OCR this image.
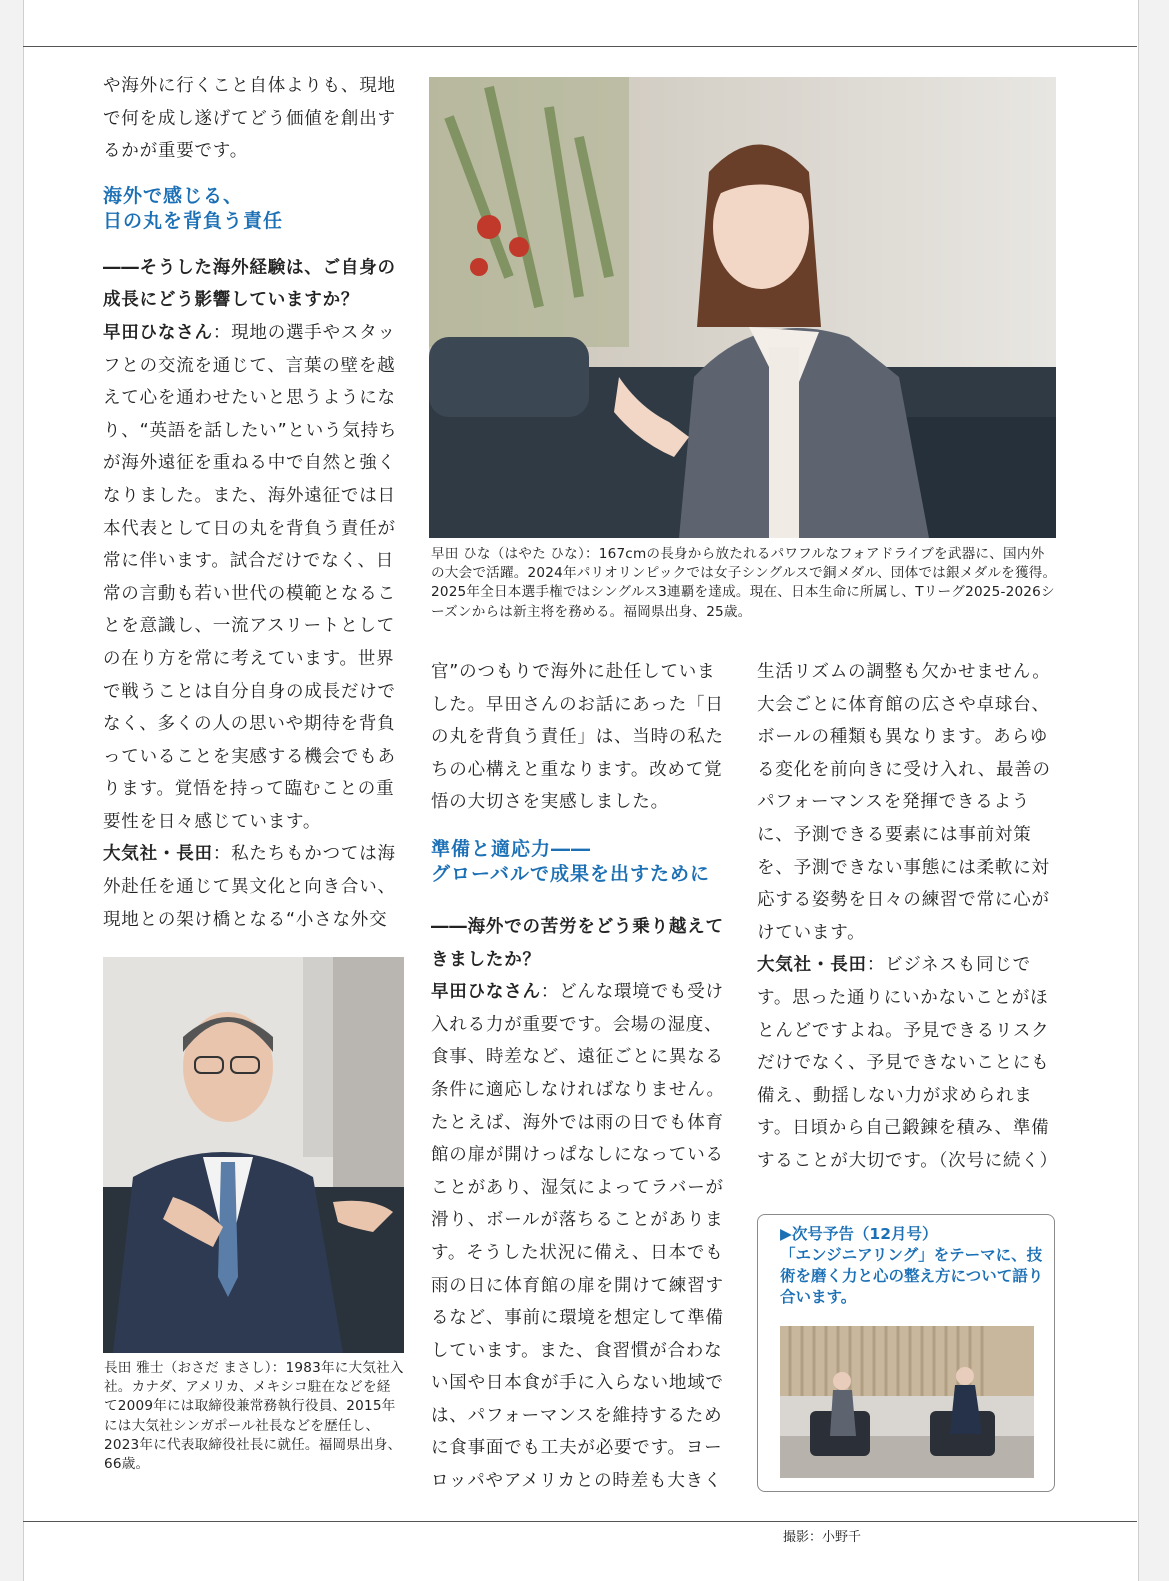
や海外に行くこと自体よりも、現地で何を成し遂げてどう価値を創出するかが重要です。

海外で感じる、
日の丸を背負う責任

――そうした海外経験は、ご自身の成長にどう影響していますか？

早田ひなさん：現地の選手やスタッフとの交流を通じて、言葉の壁を越えて心を通わせたいと思うようになり、“英語を話したい”という気持ちが海外遠征を重ねる中で自然と強くなりました。また、海外遠征では日本代表として日の丸を背負う責任が常に伴います。試合だけでなく、日常の言動も若い世代の模範となることを意識し、一流アスリートとしての在り方を常に考えています。世界で戦うことは自分自身の成長だけでなく、多くの人の思いや期待を背負っていることを実感する機会でもあります。覚悟を持って臨むことの重要性を日々感じています。

大気社・長田：私たちもかつては海外赴任を通じて異文化と向き合い、現地との架け橋となる“小さな外交

早田 ひな（はやた ひな）：167cmの長身から放たれるパワフルなフォアドライブを武器に、国内外の大会で活躍。2024年パリオリンピックでは女子シングルスで銅メダル、団体では銀メダルを獲得。2025年全日本選手権ではシングルス3連覇を達成。現在、日本生命に所属し、Tリーグ2025-2026シーズンからは新主将を務める。福岡県出身、25歳。
長田 雅士（おさだ まさし）：1983年に大気社入社。カナダ、アメリカ、メキシコ駐在などを経て2009年には取締役兼常務執行役員、2015年には大気社シンガポール社長などを歴任し、2023年に代表取締役社長に就任。福岡県出身、66歳。

官”のつもりで海外に赴任していました。早田さんのお話にあった「日の丸を背負う責任」は、当時の私たちの心構えと重なります。改めて覚悟の大切さを実感しました。

準備と適応力――
グローバルで成果を出すために

――海外での苦労をどう乗り越えてきましたか？

早田ひなさん：どんな環境でも受け入れる力が重要です。会場の湿度、食事、時差など、遠征ごとに異なる条件に適応しなければなりません。たとえば、海外では雨の日でも体育館の扉が開けっぱなしになっていることがあり、湿気によってラバーが滑り、ボールが落ちることがあります。そうした状況に備え、日本でも雨の日に体育館の扉を開けて練習するなど、事前に環境を想定して準備しています。また、食習慣が合わない国や日本食が手に入らない地域では、パフォーマンスを維持するために食事面でも工夫が必要です。ヨーロッパやアメリカとの時差も大きく

生活リズムの調整も欠かせません。大会ごとに体育館の広さや卓球台、ボールの種類も異なります。あらゆる変化を前向きに受け入れ、最善のパフォーマンスを発揮できるように、予測できる要素には事前対策を、予測できない事態には柔軟に対応する姿勢を日々の練習で常に心がけています。

大気社・長田：ビジネスも同じです。思った通りにいかないことがほとんどですよね。予見できるリスクだけでなく、予見できないことにも備え、動揺しない力が求められます。日頃から自己鍛錬を積み、準備することが大切です。（次号に続く）

▶次号予告（12月号）
「エンジニアリング」をテーマに、技術を磨く力と心の整え方について語り合います。
撮影：小野千
